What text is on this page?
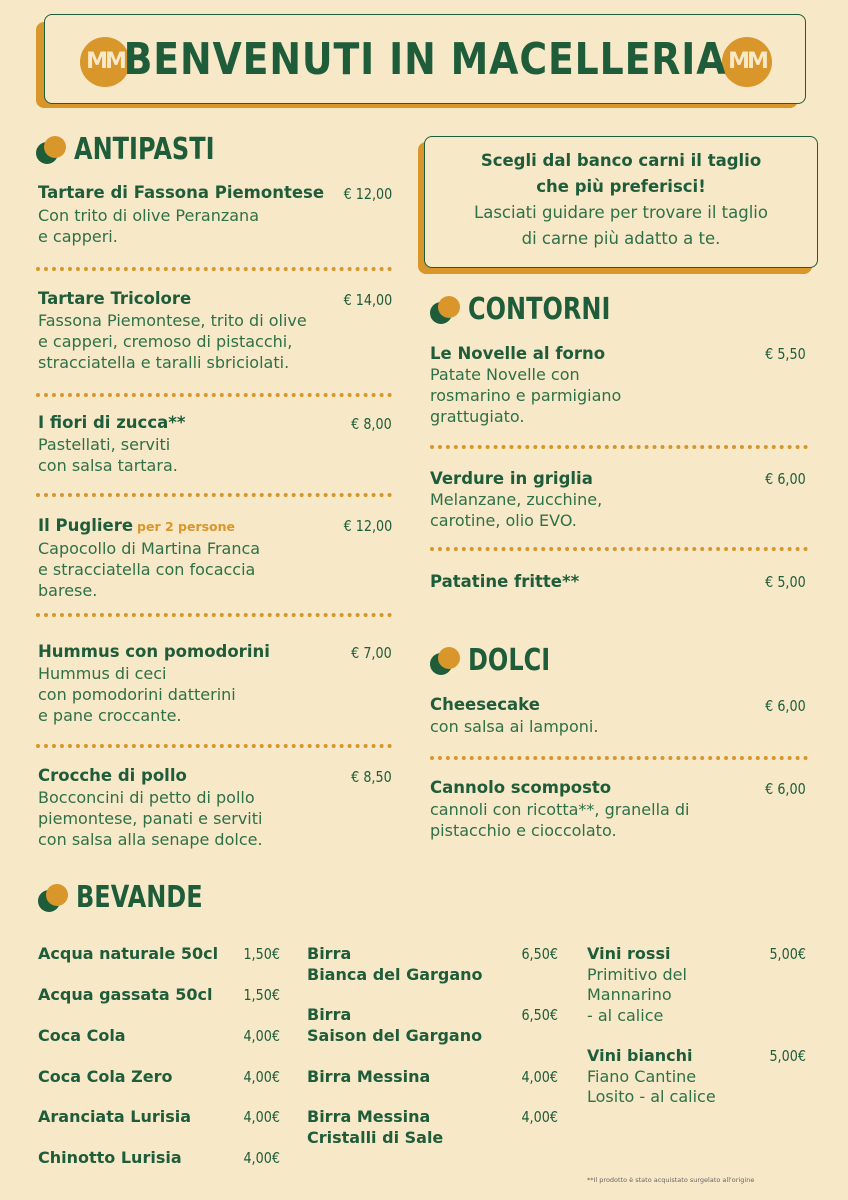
MM	MM
BENVENUTI IN MACELLERIA
ANTIPASTI
Tartare di Fassona Piemontese € 12,00
Con trito di olive Peranzana
e capperi.
Tartare Tricolore	€ 14,00
Fassona Piemontese, trito di olive
e capperi, cremoso di pistacchi,
stracciatella e taralli sbriciolati.
I fiori di zucca**	€ 8,00
Pastellati, serviti
con salsa tartara.
Il Pugliere per 2 persone	€ 12,00
Capocollo di Martina Franca
e stracciatella con focaccia
barese.
Hummus con pomodorini	€ 7,00
Hummus di ceci
con pomodorini datterini
e pane croccante.
Crocche di pollo	€ 8,50
Bocconcini di petto di pollo
piemontese, panati e serviti
con salsa alla senape dolce.
Scegli dal banco carni il taglio
che più preferisci!
Lasciati guidare per trovare il taglio
di carne più adatto a te.
CONTORNI
Le Novelle al forno	€ 5,50
Patate Novelle con
rosmarino e parmigiano
grattugiato.
Verdure in griglia	€ 6,00
Melanzane, zucchine,
carotine, olio EVO.
Patatine fritte**	€ 5,00
DOLCI
Cheesecake	€ 6,00
con salsa ai lamponi.
Cannolo scomposto	€ 6,00
cannoli con ricotta**, granella di
pistacchio e cioccolato.
BEVANDE
Acqua naturale 50cl 1,50€
Acqua gassata 50cl 1,50€
Coca Cola	4,00€
Coca Cola Zero	4,00€
Aranciata Lurisia	4,00€
Chinotto Lurisia	4,00€
Birra
Bianca del Gargano
6,50€
Birra
Saison del Gargano
6,50€
Birra Messina	4,00€
Birra Messina
Cristalli di Sale
4,00€
Vini rossi
Primitivo del
Mannarino
- al calice
5,00€
Vini bianchi
Fiano Cantine
Losito - al calice
5,00€
**Il prodotto è stato acquistato surgelato all'origine
